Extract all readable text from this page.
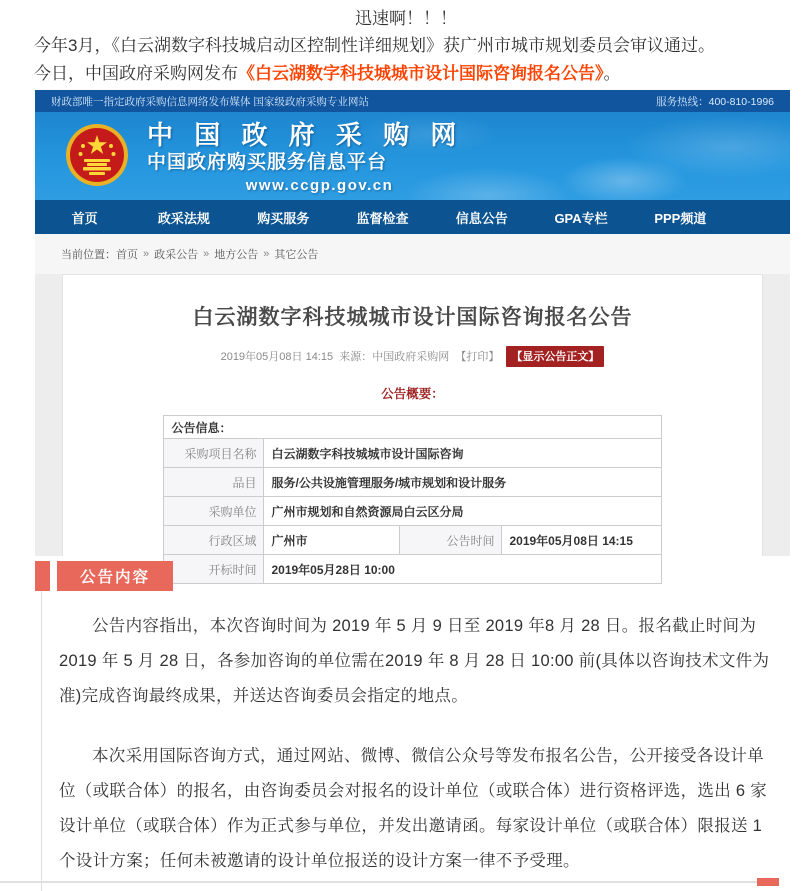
迅速啊！！！

今年3月，《白云湖数字科技城启动区控制性详细规划》获广州市城市规划委员会审议通过。

今日，中国政府采购网发布《白云湖数字科技城城市设计国际咨询报名公告》。

财政部唯一指定政府采购信息网络发布媒体 国家级政府采购专业网站	服务热线：400-810-1996
中 国 政 府 采 购 网
中国政府购买服务信息平台
www.ccgp.gov.cn
首页	政采法规	购买服务	监督检查	信息公告	GPA专栏	PPP频道
当前位置： 首页 » 政采公告 » 地方公告 » 其它公告
白云湖数字科技城城市设计国际咨询报名公告
2019年05月08日 14:15 来源：中国政府采购网 【打印】 【显示公告正文】
公告概要：
公告信息：			
采购项目名称	白云湖数字科技城城市设计国际咨询		
品目	服务/公共设施管理服务/城市规划和设计服务		
采购单位	广州市规划和自然资源局白云区分局		
行政区域	广州市	公告时间	2019年05月08日 14:15
开标时间	2019年05月28日 10:00		
公告内容

公告内容指出，本次咨询时间为 2019 年 5 月 9 日至 2019 年8 月 28 日。报名截止时间为 2019 年 5 月 28 日，各参加咨询的单位需在2019 年 8 月 28 日 10:00 前(具体以咨询技术文件为准)完成咨询最终成果，并送达咨询委员会指定的地点。

本次采用国际咨询方式，通过网站、微博、微信公众号等发布报名公告，公开接受各设计单位（或联合体）的报名，由咨询委员会对报名的设计单位（或联合体）进行资格评选，选出 6 家设计单位（或联合体）作为正式参与单位，并发出邀请函。每家设计单位（或联合体）限报送 1 个设计方案；任何未被邀请的设计单位报送的设计方案一律不予受理。
